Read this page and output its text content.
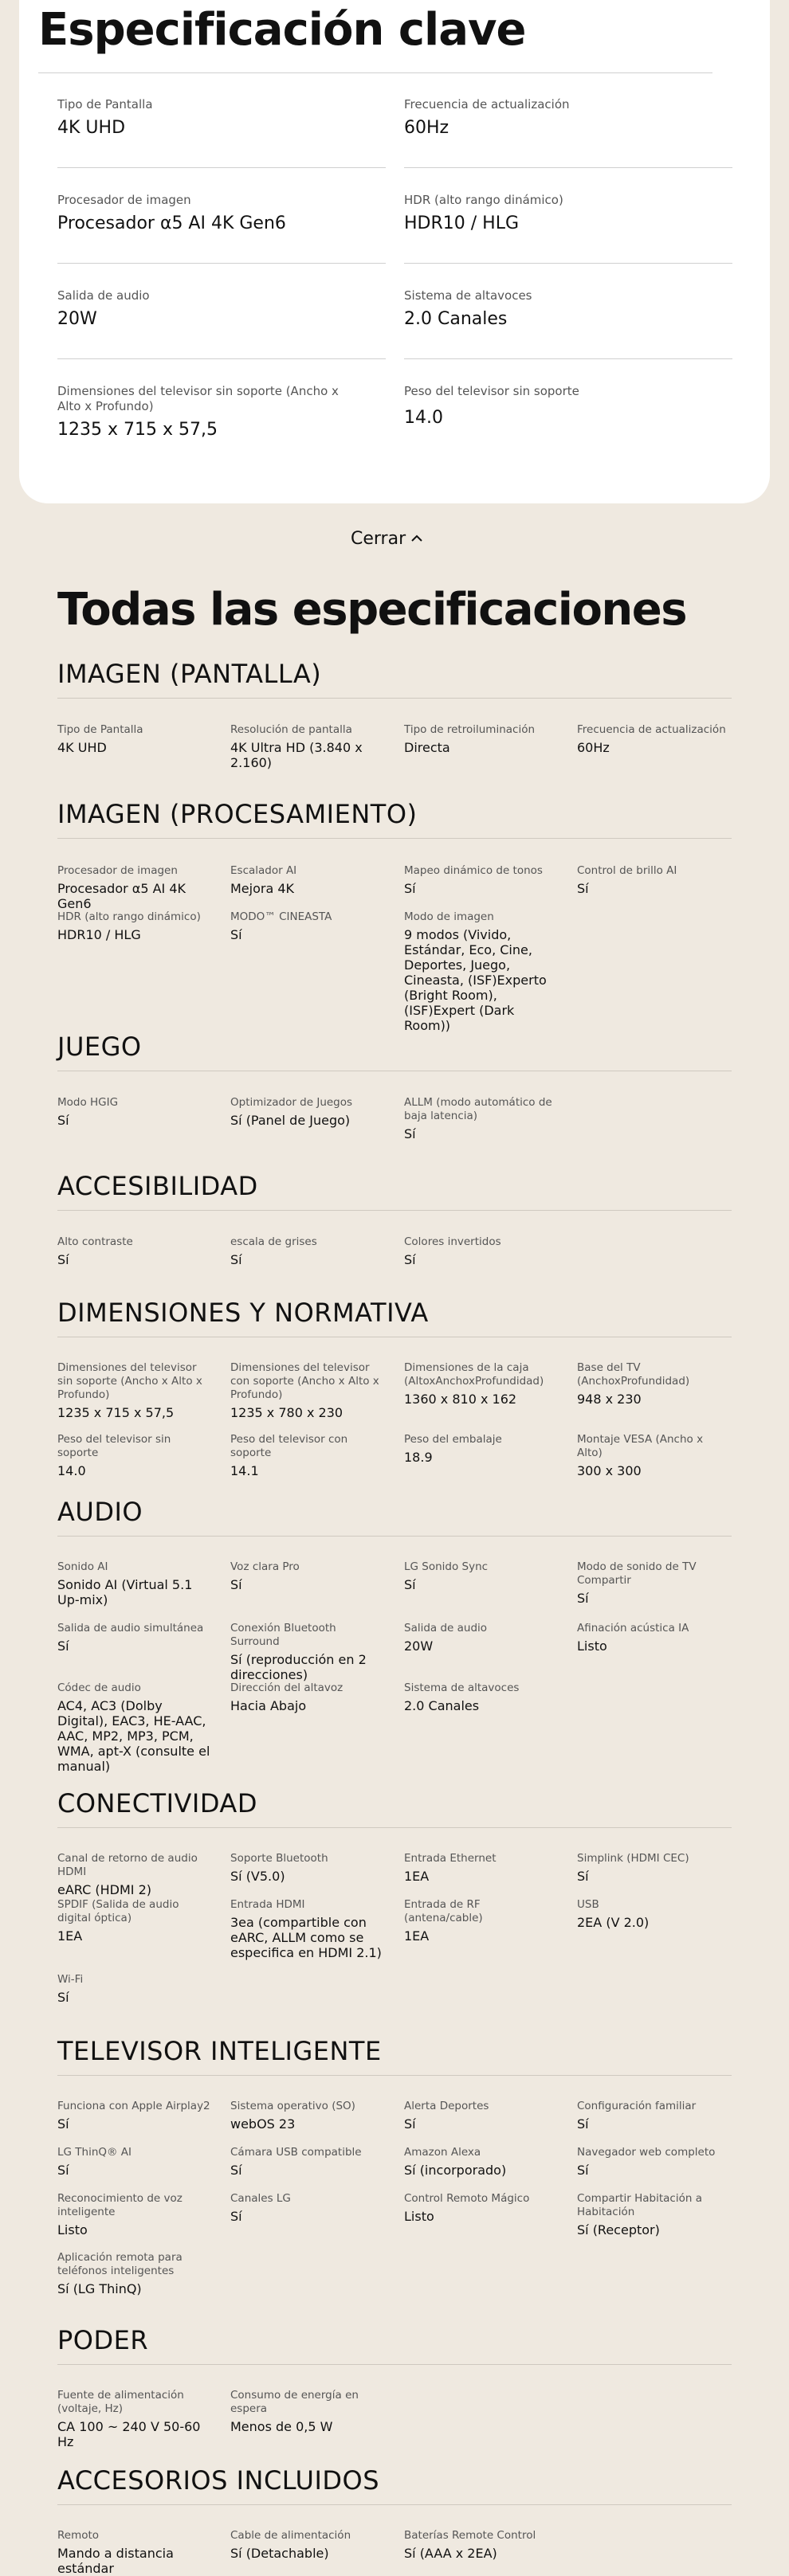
Especificación clave
Tipo de Pantalla
4K UHD
Frecuencia de actualización
60Hz
Procesador de imagen
Procesador α5 AI 4K Gen6
HDR (alto rango dinámico)
HDR10 / HLG
Salida de audio
20W
Sistema de altavoces
2.0 Canales
Dimensiones del televisor sin soporte (Ancho x Alto x Profundo)
1235 x 715 x 57,5
Peso del televisor sin soporte
14.0
Cerrar
Todas las especificaciones
IMAGEN (PANTALLA)
Tipo de Pantalla
4K UHD
Resolución de pantalla
4K Ultra HD (3.840 x 2.160)
Tipo de retroiluminación
Directa
Frecuencia de actualización
60Hz
IMAGEN (PROCESAMIENTO)
Procesador de imagen
Procesador α5 AI 4K Gen6
Escalador AI
Mejora 4K
Mapeo dinámico de tonos
Sí
Control de brillo AI
Sí
HDR (alto rango dinámico)
HDR10 / HLG
MODO™ CINEASTA
Sí
Modo de imagen
9 modos (Vivido, Estándar, Eco, Cine, Deportes, Juego, Cineasta, (ISF)Experto (Bright Room), (ISF)Expert (Dark Room))
JUEGO
Modo HGIG
Sí
Optimizador de Juegos
Sí (Panel de Juego)
ALLM (modo automático de baja latencia)
Sí
ACCESIBILIDAD
Alto contraste
Sí
escala de grises
Sí
Colores invertidos
Sí
DIMENSIONES Y NORMATIVA
Dimensiones del televisor sin soporte (Ancho x Alto x Profundo)
1235 x 715 x 57,5
Dimensiones del televisor con soporte (Ancho x Alto x Profundo)
1235 x 780 x 230
Dimensiones de la caja (AltoxAnchoxProfundidad)
1360 x 810 x 162
Base del TV (AnchoxProfundidad)
948 x 230
Peso del televisor sin soporte
14.0
Peso del televisor con soporte
14.1
Peso del embalaje
18.9
Montaje VESA (Ancho x Alto)
300 x 300
AUDIO
Sonido AI
Sonido AI (Virtual 5.1 Up-mix)
Voz clara Pro
Sí
LG Sonido Sync
Sí
Modo de sonido de TV Compartir
Sí
Salida de audio simultánea
Sí
Conexión Bluetooth Surround
Sí (reproducción en 2 direcciones)
Salida de audio
20W
Afinación acústica IA
Listo
Códec de audio
AC4, AC3 (Dolby Digital), EAC3, HE-AAC, AAC, MP2, MP3, PCM, WMA, apt-X (consulte el manual)
Dirección del altavoz
Hacia Abajo
Sistema de altavoces
2.0 Canales
CONECTIVIDAD
Canal de retorno de audio HDMI
eARC (HDMI 2)
Soporte Bluetooth
Sí (V5.0)
Entrada Ethernet
1EA
Simplink (HDMI CEC)
Sí
SPDIF (Salida de audio digital óptica)
1EA
Entrada HDMI
3ea (compartible con eARC, ALLM como se especifica en HDMI 2.1)
Entrada de RF (antena/cable)
1EA
USB
2EA (V 2.0)
Wi-Fi
Sí
TELEVISOR INTELIGENTE
Funciona con Apple Airplay2
Sí
Sistema operativo (SO)
webOS 23
Alerta Deportes
Sí
Configuración familiar
Sí
LG ThinQ® AI
Sí
Cámara USB compatible
Sí
Amazon Alexa
Sí (incorporado)
Navegador web completo
Sí
Reconocimiento de voz inteligente
Listo
Canales LG
Sí
Control Remoto Mágico
Listo
Compartir Habitación a Habitación
Sí (Receptor)
Aplicación remota para teléfonos inteligentes
Sí (LG ThinQ)
PODER
Fuente de alimentación (voltaje, Hz)
CA 100 ~ 240 V 50-60 Hz
Consumo de energía en espera
Menos de 0,5 W
ACCESORIOS INCLUIDOS
Remoto
Mando a distancia estándar
Cable de alimentación
Sí (Detachable)
Baterías Remote Control
Sí (AAA x 2EA)
